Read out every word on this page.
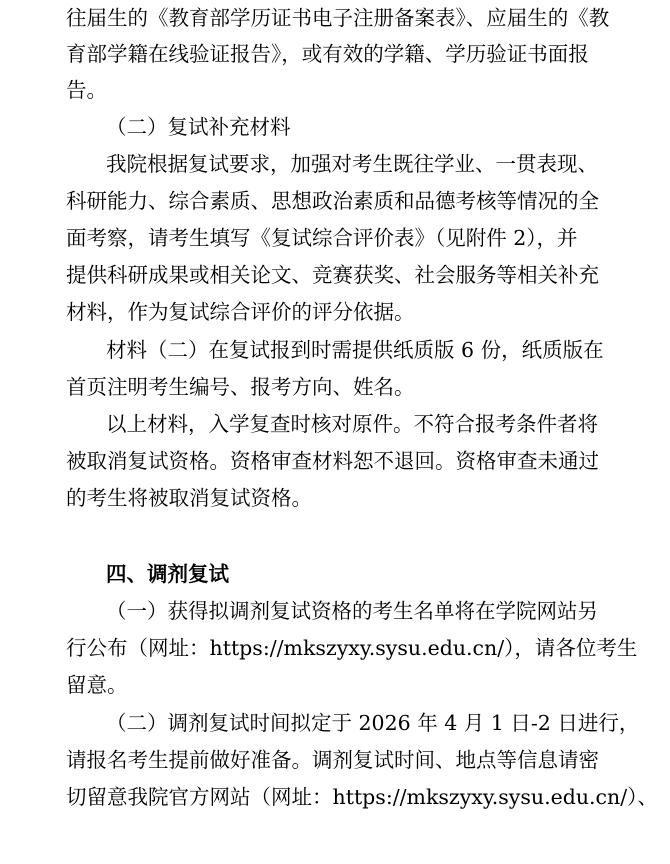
往届生的《教育部学历证书电子注册备案表》、应届生的《教

育部学籍在线验证报告》，或有效的学籍、学历验证书面报

告。

（二）复试补充材料

我院根据复试要求，加强对考生既往学业、一贯表现、

科研能力、综合素质、思想政治素质和品德考核等情况的全

面考察，请考生填写《复试综合评价表》（见附件 2），并

提供科研成果或相关论文、竞赛获奖、社会服务等相关补充

材料，作为复试综合评价的评分依据。

材料（二）在复试报到时需提供纸质版 6 份，纸质版在

首页注明考生编号、报考方向、姓名。

以上材料，入学复查时核对原件。不符合报考条件者将

被取消复试资格。资格审查材料恕不退回。资格审查未通过

的考生将被取消复试资格。

四、调剂复试

（一）获得拟调剂复试资格的考生名单将在学院网站另

行公布（网址：https://mkszyxy.sysu.edu.cn/），请各位考生

留意。

（二）调剂复试时间拟定于 2026 年 4 月 1 日-2 日进行，

请报名考生提前做好准备。调剂复试时间、地点等信息请密

切留意我院官方网站（网址：https://mkszyxy.sysu.edu.cn/）、
